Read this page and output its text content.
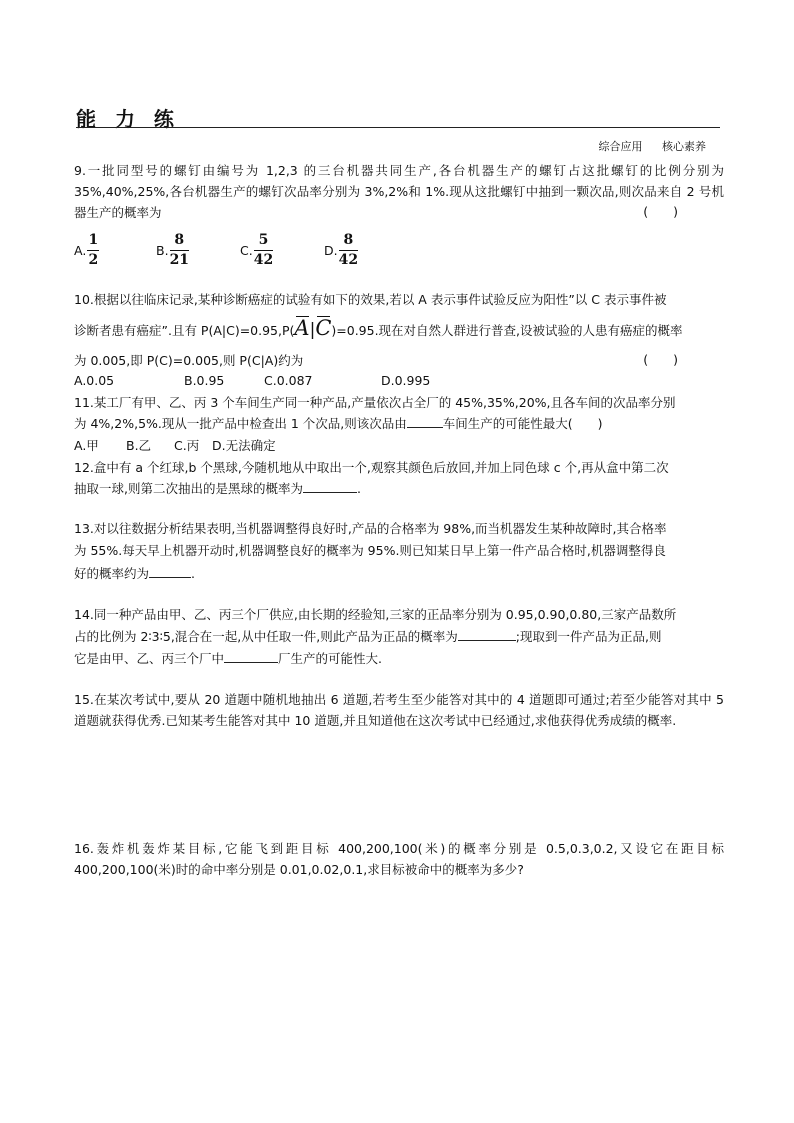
能 力 练
综合应用 核心素养
9.一批同型号的螺钉由编号为 1,2,3 的三台机器共同生产,各台机器生产的螺钉占这批螺钉的比例分别为 35%,40%,25%,各台机器生产的螺钉次品率分别为 3%,2%和 1%.现从这批螺钉中抽到一颗次品,则次品来自 2 号机器生产的概率为	(　　)
A. $\frac{1}{2}$	B. $\frac{8}{21}$	C. $\frac{5}{42}$	D. $\frac{8}{42}$
10.根据以往临床记录,某种诊断癌症的试验有如下的效果,若以 A 表示事件试验反应为阳性”以 C 表示事件被
诊断者患有癌症”.且有 P(A|C)=0.95,P(A|C)=0.95.现在对自然人群进行普查,设被试验的人患有癌症的概率
为 0.005,即 P(C)=0.005,则 P(C|A)约为	(　　)
A.0.05	B.0.95	C.0.087	D.0.995
11.某工厂有甲、乙、丙 3 个车间生产同一种产品,产量依次占全厂的 45%,35%,20%,且各车间的次品率分别
为 4%,2%,5%.现从一批产品中检查出 1 个次品,则该次品由	车间生产的可能性最大(　　)
A.甲 B.乙 C.丙 D.无法确定
12.盒中有 a 个红球,b 个黑球,今随机地从中取出一个,观察其颜色后放回,并加上同色球 c 个,再从盒中第二次
抽取一球,则第二次抽出的是黑球的概率为	.
13.对以往数据分析结果表明,当机器调整得良好时,产品的合格率为 98%,而当机器发生某种故障时,其合格率
为 55%.每天早上机器开动时,机器调整良好的概率为 95%.则已知某日早上第一件产品合格时,机器调整得良
好的概率约为	.
14.同一种产品由甲、乙、丙三个厂供应,由长期的经验知,三家的正品率分别为 0.95,0.90,0.80,三家产品数所
占的比例为 2∶3∶5,混合在一起,从中任取一件,则此产品为正品的概率为	;现取到一件产品为正品,则
它是由甲、乙、丙三个厂中	厂生产的可能性大.
15.在某次考试中,要从 20 道题中随机地抽出 6 道题,若考生至少能答对其中的 4 道题即可通过;若至少能答对其中 5 道题就获得优秀.已知某考生能答对其中 10 道题,并且知道他在这次考试中已经通过,求他获得优秀成绩的概率.
16.轰炸机轰炸某目标,它能飞到距目标 400,200,100(米)的概率分别是 0.5,0.3,0.2,又设它在距目标 400,200,100(米)时的命中率分别是 0.01,0.02,0.1,求目标被命中的概率为多少?
